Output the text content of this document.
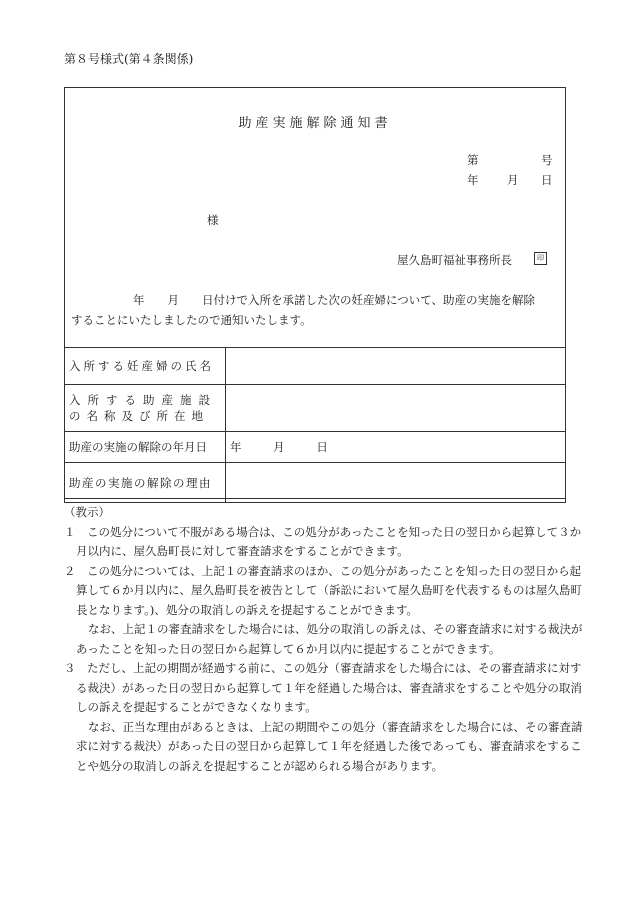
第８号様式(第４条関係)
助産実施解除通知書
第	号
年 月 日
様
屋久島町福祉事務所長	印
年　　月　　日付けで入所を承諾した次の妊産婦について、助産の実施を解除
することにいたしましたので通知いたします。
入所する妊産婦の氏名	

入所する助産施設
の名称及び所在地	

助産の実施の解除の年月日	年 月 日
助産の実施の解除の理由	

（教示）

１　この処分について不服がある場合は、この処分があったことを知った日の翌日から起算して３か月以内に、屋久島町長に対して審査請求をすることができます。

２　この処分については、上記１の審査請求のほか、この処分があったことを知った日の翌日から起算して６か月以内に、屋久島町長を被告として（訴訟において屋久島町を代表するものは屋久島町長となります。)、処分の取消しの訴えを提起することができます。

なお、上記１の審査請求をした場合には、処分の取消しの訴えは、その審査請求に対する裁決があったことを知った日の翌日から起算して６か月以内に提起することができます。

３　ただし、上記の期間が経過する前に、この処分（審査請求をした場合には、その審査請求に対する裁決）があった日の翌日から起算して１年を経過した場合は、審査請求をすることや処分の取消しの訴えを提起することができなくなります。

なお、正当な理由があるときは、上記の期間やこの処分（審査請求をした場合には、その審査請求に対する裁決）があった日の翌日から起算して１年を経過した後であっても、審査請求をすることや処分の取消しの訴えを提起することが認められる場合があります。
